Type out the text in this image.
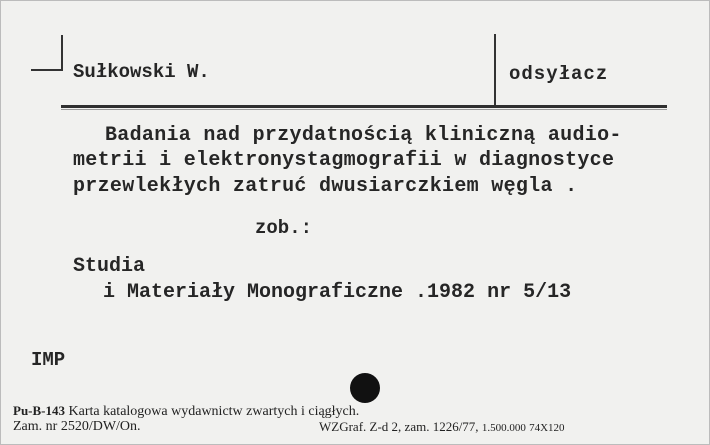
Sułkowski W.	odsyłacz
Badania nad przydatnością kliniczną audio-
metrii i elektronystagmografii w diagnostyce
przewlekłych zatruć dwusiarczkiem węgla .
zob.:
Studia
i Materiały Monograficzne .1982 nr 5/13
IMP
Pu-B-143 Karta katalogowa wydawnictw zwartych i ciągłych.
Zam. nr 2520/DW/On.	WZGraf. Z-d 2, zam. 1226/77, 1.500.000 74X120
